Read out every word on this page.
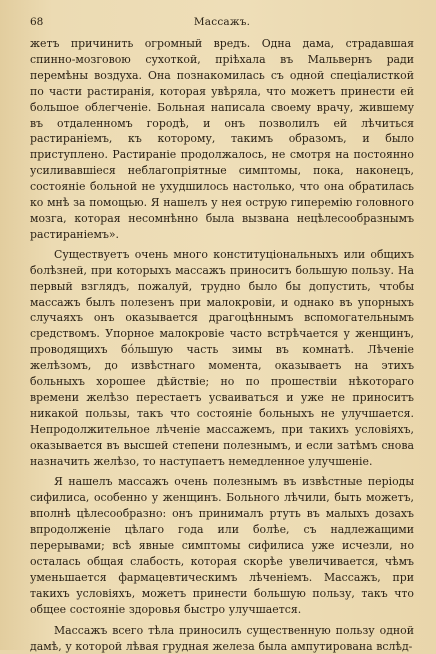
68	Массажъ.

жетъ причинить огромный вредъ. Одна дама, страдавшая спинно-мозговою сухоткой, пріѣхала въ Мальвернъ ради перемѣны воздуха. Она познакомилась съ одной спеціалисткой по части растиранія, которая увѣряла, что можетъ принести ей большое облегченіе. Больная написала своему врачу, жившему въ отдаленномъ городѣ, и онъ позволилъ ей лѣчиться растираніемъ, къ которому, такимъ образомъ, и было приступлено. Растираніе продолжалось, не смотря на постоянно усиливавшіеся неблагопріятные симптомы, пока, наконецъ, состояніе больной не ухудшилось настолько, что она обратилась ко мнѣ за помощью. Я нашелъ у нея острую гиперемію головного мозга, которая несомнѣнно была вызвана нецѣлесообразнымъ растираніемъ».

Существуетъ очень много конституціональныхъ или общихъ болѣзней, при которыхъ массажъ приноситъ большую пользу. На первый взглядъ, пожалуй, трудно было бы допустить, чтобы массажъ былъ полезенъ при малокровіи, и однако въ упорныхъ случаяхъ онъ оказывается драгоцѣннымъ вспомогательнымъ средствомъ. Упорное малокровіе часто встрѣчается у женщинъ, проводящихъ бóльшую часть зимы въ комнатѣ. Лѣченіе желѣзомъ, до извѣстнаго момента, оказываетъ на этихъ больныхъ хорошее дѣйствіе; но по прошествіи нѣкотораго времени желѣзо перестаетъ усваиваться и уже не приноситъ никакой пользы, такъ что состояніе больныхъ не улучшается. Непродолжительное лѣченіе массажемъ, при такихъ условіяхъ, оказывается въ высшей степени полезнымъ, и если затѣмъ снова назначить желѣзо, то наступаетъ немедленное улучшеніе.

Я нашелъ массажъ очень полезнымъ въ извѣстные періоды сифилиса, особенно у женщинъ. Больного лѣчили, быть можетъ, вполнѣ цѣлесообразно: онъ принималъ ртуть въ малыхъ дозахъ впродолженіе цѣлаго года или болѣе, съ надлежащими перерывами; всѣ явные симптомы сифилиса уже исчезли, но осталась общая слабость, которая скорѣе увеличивается, чѣмъ уменьшается фармацевтическимъ лѣченіемъ. Массажъ, при такихъ условіяхъ, можетъ принести большую пользу, такъ что общее состояніе здоровья быстро улучшается.

Массажъ всего тѣла приносилъ существенную пользу одной дамѣ, у которой лѣвая грудная железа была ампутирована вслѣд-
